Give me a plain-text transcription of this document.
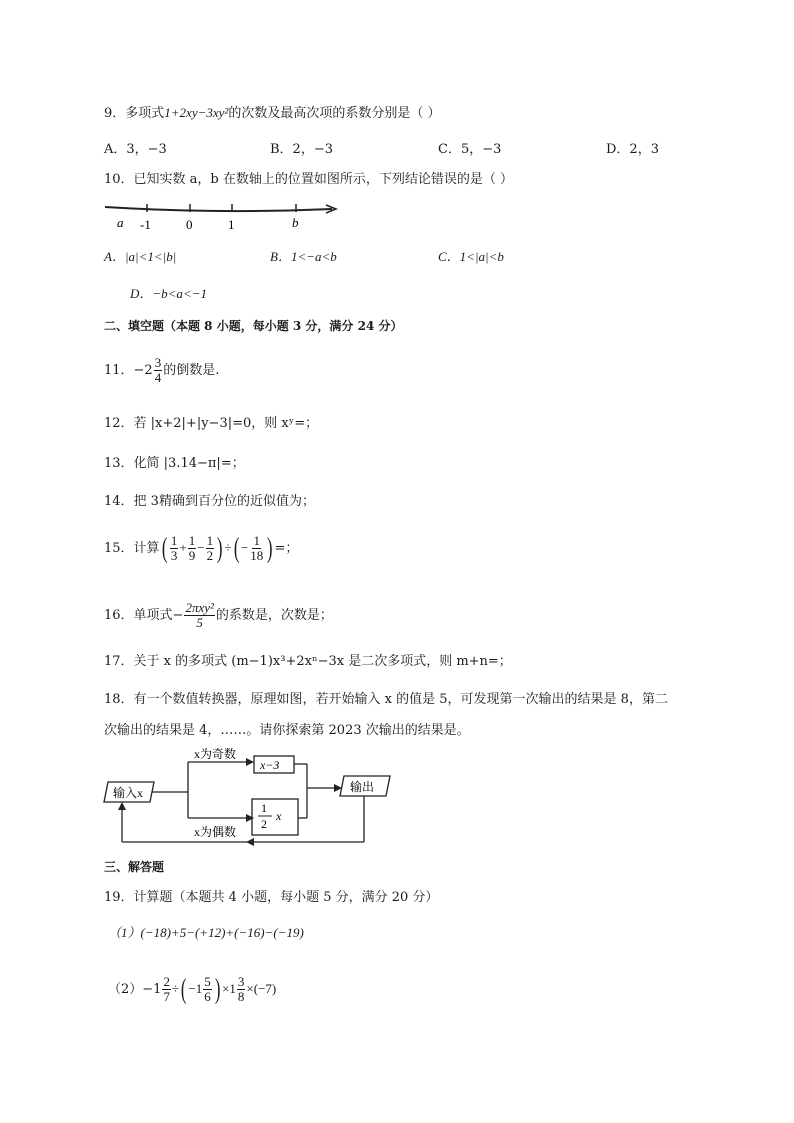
9．多项式1+2xy−3xy²的次数及最高次项的系数分别是（ ）
A．3，−3	B．2，−3	C．5，−3	D．2，3
10．已知实数 a，b 在数轴上的位置如图所示，下列结论错误的是（ ）
a -1	0	1	b
A．|a|<1<|b|	B．1<−a<b	C．1<|a|<b
D．−b<a<−1
二、填空题（本题 8 小题，每小题 3 分，满分 24 分）
11．$-2 \frac{3}{4}$ 的倒数是.
12．若 |x+2|+|y−3|=0，则 xʸ=；
13．化简 |3.14−π|=；
14．把 3精确到百分位的近似值为；
15．计算( $\frac{1}{3} + \frac{1}{9} - \frac{1}{2}$ ) ÷( − $\frac{1}{18}$ ) =；
16．单项式− $\frac{\text{2πxy²}}{5}$ 的系数是，次数是；
17．关于 x 的多项式 (m−1)x³+2xⁿ−3x 是二次多项式，则 m+n=；
18．有一个数值转换器，原理如图，若开始输入 x 的值是 5，可发现第一次输出的结果是 8，第二
次输出的结果是 4，……。请你探索第 2023 次输出的结果是。
输入x
x为奇数
x−3
1
2
x
输出
x为偶数
三、解答题
19．计算题（本题共 4 小题，每小题 5 分，满分 20 分）
（1）(−18)+5−(+12)+(−16)−(−19)
$(2)-1 \frac{2}{7}$ ÷( $-1 \frac{5}{6}$ ) $\times 1 \frac{3}{8} \times(-7)$
